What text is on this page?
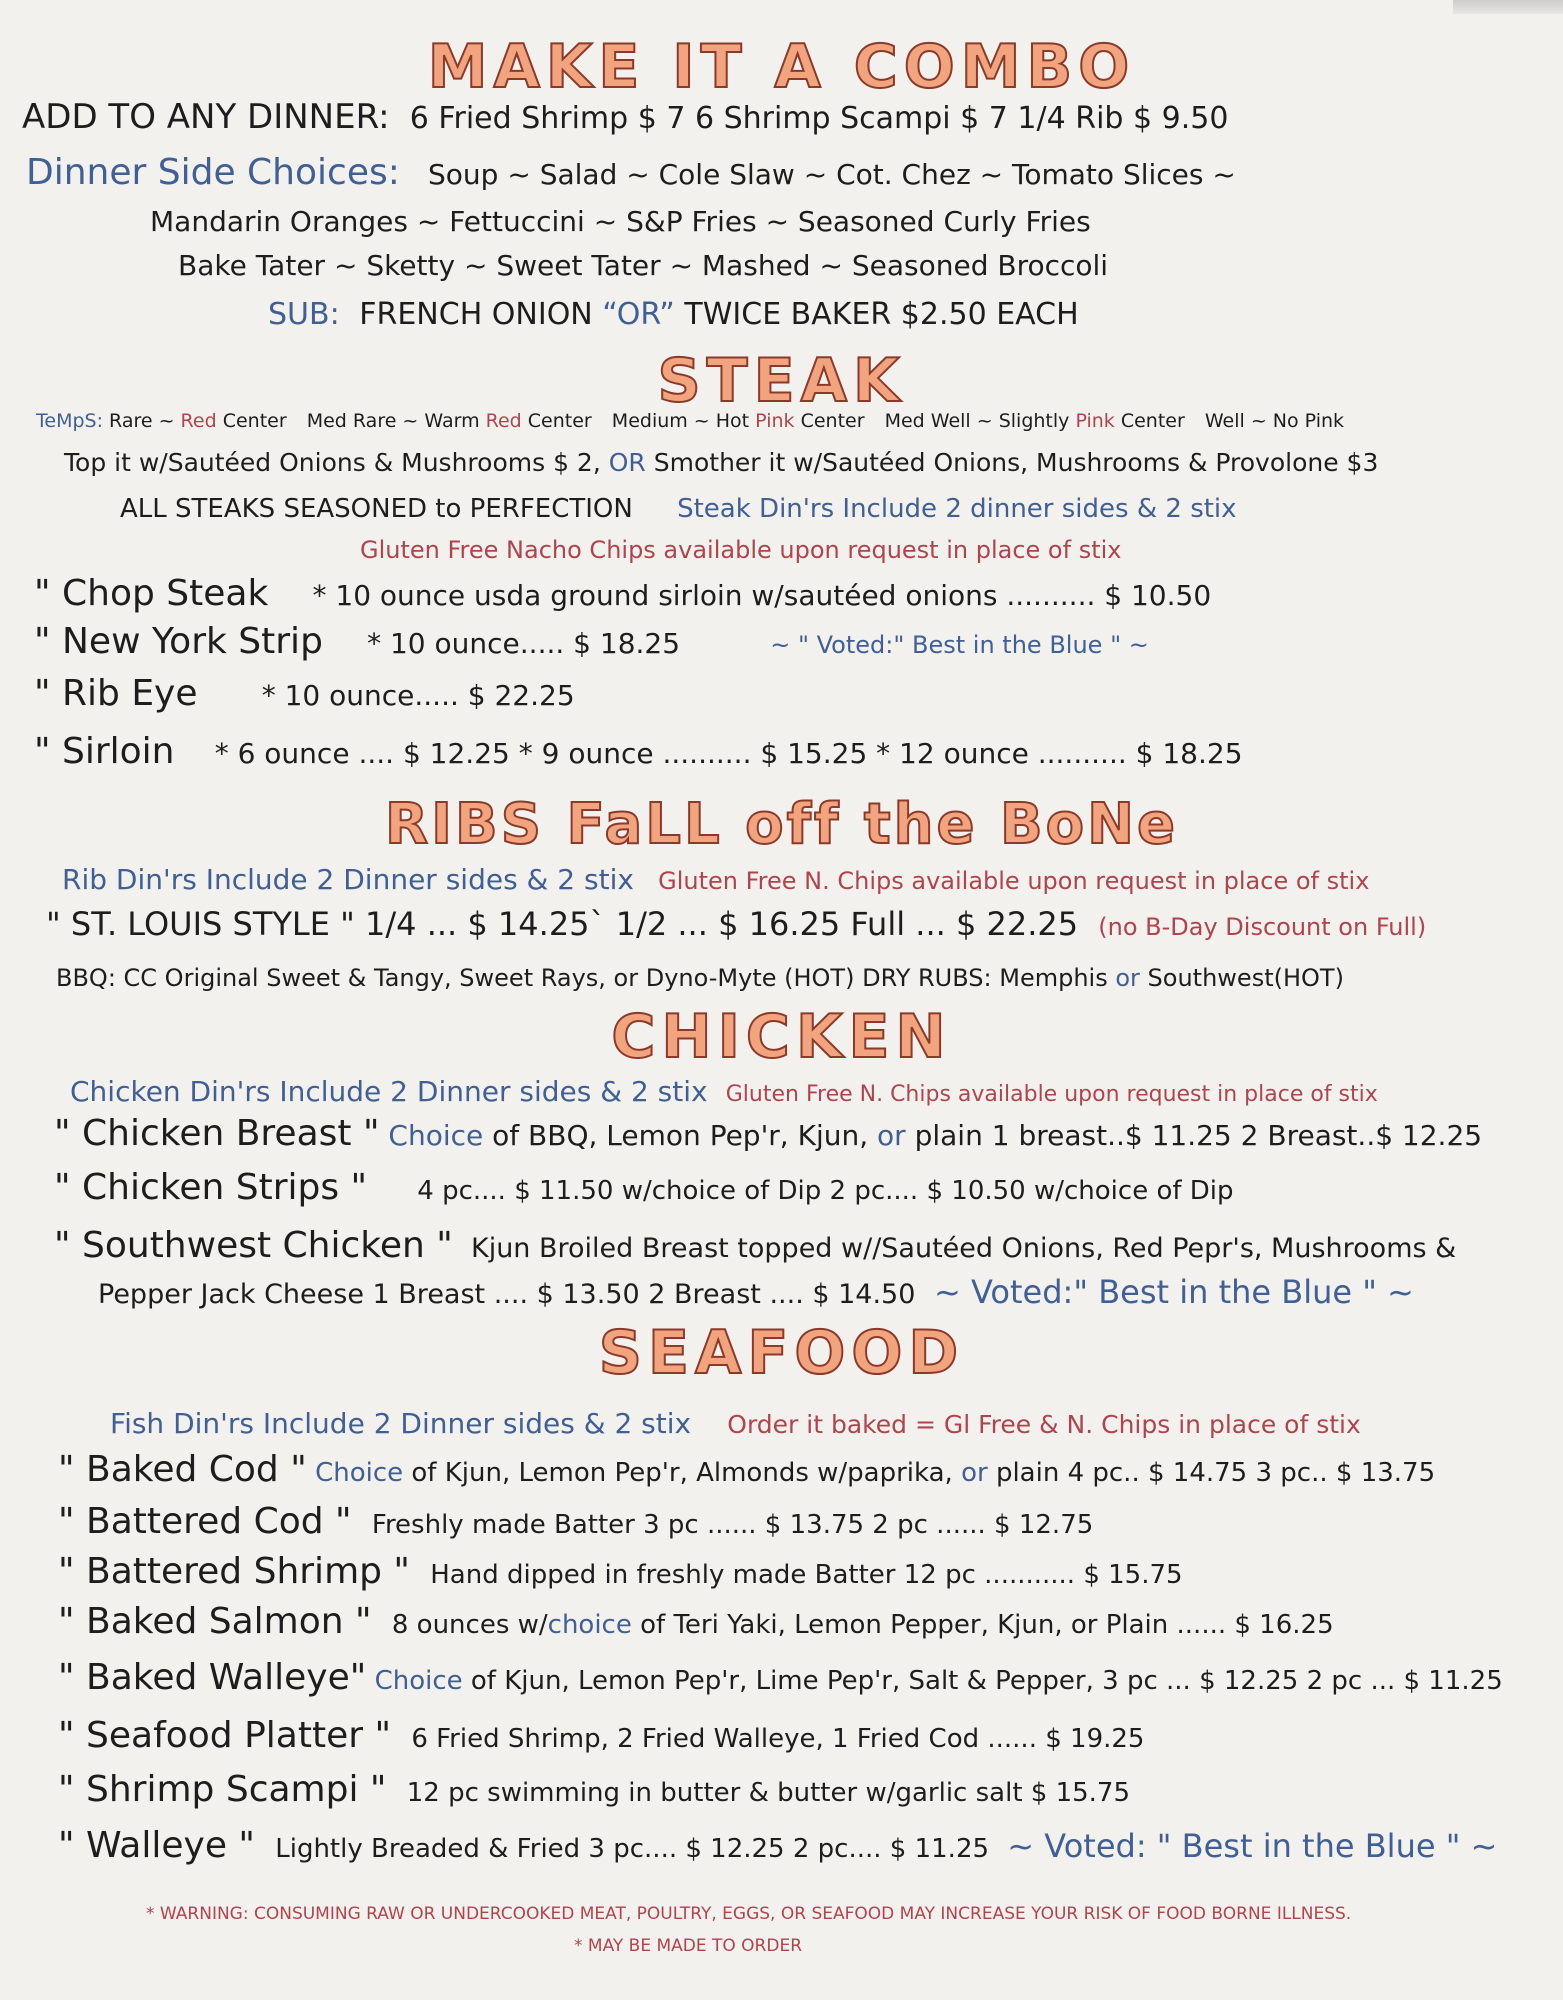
MAKE IT A COMBO
ADD TO ANY DINNER: 6 Fried Shrimp $ 7 6 Shrimp Scampi $ 7 1/4 Rib $ 9.50
Dinner Side Choices: Soup ~ Salad ~ Cole Slaw ~ Cot. Chez ~ Tomato Slices ~
Mandarin Oranges ~ Fettuccini ~ S&P Fries ~ Seasoned Curly Fries
Bake Tater ~ Sketty ~ Sweet Tater ~ Mashed ~ Seasoned Broccoli
SUB: FRENCH ONION “OR” TWICE BAKER $2.50 EACH
STEAK
TeMpS: Rare ~ Red Center Med Rare ~ Warm Red Center Medium ~ Hot Pink Center Med Well ~ Slightly Pink Center Well ~ No Pink
Top it w/Sautéed Onions & Mushrooms $ 2, OR Smother it w/Sautéed Onions, Mushrooms & Provolone $3
ALL STEAKS SEASONED to PERFECTION Steak Din'rs Include 2 dinner sides & 2 stix
Gluten Free Nacho Chips available upon request in place of stix
" Chop Steak * 10 ounce usda ground sirloin w/sautéed onions .......... $ 10.50
" New York Strip * 10 ounce..... $ 18.25	~ " Voted:" Best in the Blue " ~
" Rib Eye * 10 ounce..... $ 22.25
" Sirloin * 6 ounce .... $ 12.25 * 9 ounce .......... $ 15.25 * 12 ounce .......... $ 18.25
RIBS FaLL off the BoNe
Rib Din'rs Include 2 Dinner sides & 2 stix Gluten Free N. Chips available upon request in place of stix
" ST. LOUIS STYLE " 1/4 ... $ 14.25` 1/2 ... $ 16.25 Full ... $ 22.25 (no B-Day Discount on Full)
BBQ: CC Original Sweet & Tangy, Sweet Rays, or Dyno-Myte (HOT) DRY RUBS: Memphis or Southwest(HOT)
CHICKEN
Chicken Din'rs Include 2 Dinner sides & 2 stix Gluten Free N. Chips available upon request in place of stix
" Chicken Breast " Choice of BBQ, Lemon Pep'r, Kjun, or plain 1 breast..$ 11.25 2 Breast..$ 12.25
" Chicken Strips " 4 pc.... $ 11.50 w/choice of Dip 2 pc.... $ 10.50 w/choice of Dip
" Southwest Chicken " Kjun Broiled Breast topped w//Sautéed Onions, Red Pepr's, Mushrooms &
Pepper Jack Cheese 1 Breast .... $ 13.50 2 Breast .... $ 14.50 ~ Voted:" Best in the Blue " ~
SEAFOOD
Fish Din'rs Include 2 Dinner sides & 2 stix Order it baked = Gl Free & N. Chips in place of stix
" Baked Cod " Choice of Kjun, Lemon Pep'r, Almonds w/paprika, or plain 4 pc.. $ 14.75 3 pc.. $ 13.75
" Battered Cod " Freshly made Batter 3 pc ...... $ 13.75 2 pc ...... $ 12.75
" Battered Shrimp " Hand dipped in freshly made Batter 12 pc ........... $ 15.75
" Baked Salmon " 8 ounces w/choice of Teri Yaki, Lemon Pepper, Kjun, or Plain ...... $ 16.25
" Baked Walleye" Choice of Kjun, Lemon Pep'r, Lime Pep'r, Salt & Pepper, 3 pc ... $ 12.25 2 pc ... $ 11.25
" Seafood Platter " 6 Fried Shrimp, 2 Fried Walleye, 1 Fried Cod ...... $ 19.25
" Shrimp Scampi " 12 pc swimming in butter & butter w/garlic salt $ 15.75
" Walleye " Lightly Breaded & Fried 3 pc.... $ 12.25 2 pc.... $ 11.25 ~ Voted: " Best in the Blue " ~
* WARNING: CONSUMING RAW OR UNDERCOOKED MEAT, POULTRY, EGGS, OR SEAFOOD MAY INCREASE YOUR RISK OF FOOD BORNE ILLNESS.
* MAY BE MADE TO ORDER
